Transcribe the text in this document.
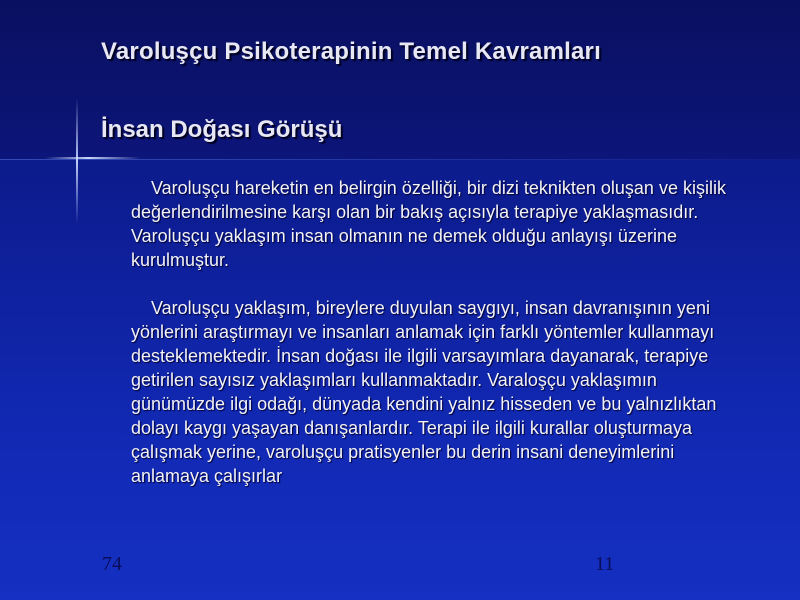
Varoluşçu Psikoterapinin Temel Kavramları
İnsan Doğası Görüşü

Varoluşçu hareketin en belirgin özelliği, bir dizi teknikten oluşan ve kişilik değerlendirilmesine karşı olan bir bakış açısıyla terapiye yaklaşmasıdır. Varoluşçu yaklaşım insan olmanın ne demek olduğu anlayışı üzerine kurulmuştur.

Varoluşçu yaklaşım, bireylere duyulan saygıyı, insan davranışının yeni yönlerini araştırmayı ve insanları anlamak için farklı yöntemler kullanmayı desteklemektedir. İnsan doğası ile ilgili varsayımlara dayanarak, terapiye getirilen sayısız yaklaşımları kullanmaktadır. Varaloşçu yaklaşımın günümüzde ilgi odağı, dünyada kendini yalnız hisseden ve bu yalnızlıktan dolayı kaygı yaşayan danışanlardır. Terapi ile ilgili kurallar oluşturmaya çalışmak yerine, varoluşçu pratisyenler bu derin insani deneyimlerini anlamaya çalışırlar

74	11
